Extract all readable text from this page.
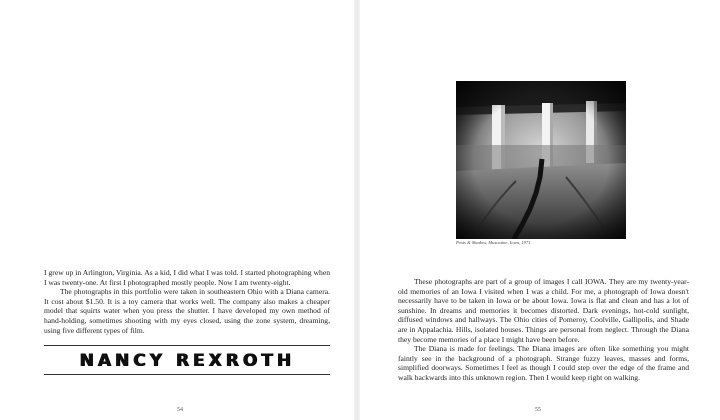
I grew up in Arlington, Virginia. As a kid, I did what I was told. I started photographing when I was twenty-one. At first I photographed mostly people. Now I am twenty-eight.

The photographs in this portfolio were taken in southeastern Ohio with a Diana camera. It cost about $1.50. It is a toy camera that works well. The company also makes a cheaper model that squirts water when you press the shutter. I have developed my own method of hand-holding, sometimes shooting with my eyes closed, using the zone system, dreaming, using five different types of film.

NANCY REXROTH
54
Posts & Shadow, Muscatine, Iowa, 1971

These photographs are part of a group of images I call IOWA. They are my twenty-year-old memories of an Iowa I visited when I was a child. For me, a photograph of Iowa doesn't necessarily have to be taken in Iowa or be about Iowa. Iowa is flat and clean and has a lot of sunshine. In dreams and memories it becomes distorted. Dark evenings, hot-cold sunlight, diffused windows and hallways. The Ohio cities of Pomeroy, Coolville, Gallipolis, and Shade are in Appalachia. Hills, isolated houses. Things are personal from neglect. Through the Diana they become memories of a place I might have been before.

The Diana is made for feelings. The Diana images are often like something you might faintly see in the background of a photograph. Strange fuzzy leaves, masses and forms, simplified doorways. Sometimes I feel as though I could step over the edge of the frame and walk backwards into this unknown region. Then I would keep right on walking.

55
